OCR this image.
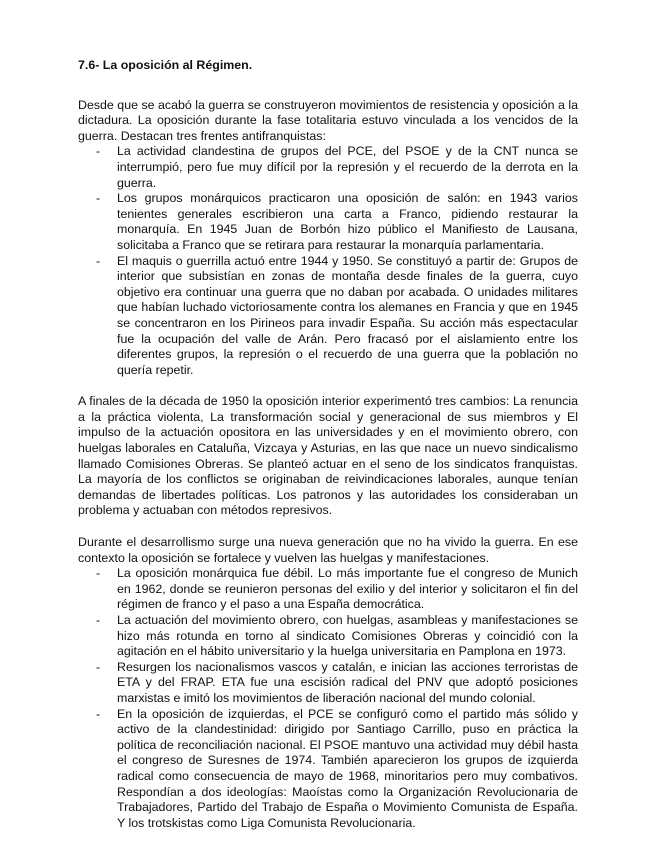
7.6- La oposición al Régimen.

Desde que se acabó la guerra se construyeron movimientos de resistencia y oposición a la dictadura. La oposición durante la fase totalitaria estuvo vinculada a los vencidos de la guerra. Destacan tres frentes antifranquistas:

- La actividad clandestina de grupos del PCE, del PSOE y de la CNT nunca se interrumpió, pero fue muy difícil por la represión y el recuerdo de la derrota en la guerra.
- Los grupos monárquicos practicaron una oposición de salón: en 1943 varios tenientes generales escribieron una carta a Franco, pidiendo restaurar la monarquía. En 1945 Juan de Borbón hizo público el Manifiesto de Lausana, solicitaba a Franco que se retirara para restaurar la monarquía parlamentaria.
- El maquis o guerrilla actuó entre 1944 y 1950. Se constituyó a partir de: Grupos de interior que subsistían en zonas de montaña desde finales de la guerra, cuyo objetivo era continuar una guerra que no daban por acabada. O unidades militares que habían luchado victoriosamente contra los alemanes en Francia y que en 1945 se concentraron en los Pirineos para invadir España. Su acción más espectacular fue la ocupación del valle de Arán. Pero fracasó por el aislamiento entre los diferentes grupos, la represión o el recuerdo de una guerra que la población no quería repetir.

A finales de la década de 1950 la oposición interior experimentó tres cambios: La renuncia a la práctica violenta, La transformación social y generacional de sus miembros y El impulso de la actuación opositora en las universidades y en el movimiento obrero, con huelgas laborales en Cataluña, Vizcaya y Asturias, en las que nace un nuevo sindicalismo llamado Comisiones Obreras. Se planteó actuar en el seno de los sindicatos franquistas. La mayoría de los conflictos se originaban de reivindicaciones laborales, aunque tenían demandas de libertades políticas. Los patronos y las autoridades los consideraban un problema y actuaban con métodos represivos.

Durante el desarrollismo surge una nueva generación que no ha vivido la guerra. En ese contexto la oposición se fortalece y vuelven las huelgas y manifestaciones.

- La oposición monárquica fue débil. Lo más importante fue el congreso de Munich en 1962, donde se reunieron personas del exilio y del interior y solicitaron el fin del régimen de franco y el paso a una España democrática.
- La actuación del movimiento obrero, con huelgas, asambleas y manifestaciones se hizo más rotunda en torno al sindicato Comisiones Obreras y coincidió con la agitación en el hábito universitario y la huelga universitaria en Pamplona en 1973.
- Resurgen los nacionalismos vascos y catalán, e inician las acciones terroristas de ETA y del FRAP. ETA fue una escisión radical del PNV que adoptó posiciones marxistas e imitó los movimientos de liberación nacional del mundo colonial.
- En la oposición de izquierdas, el PCE se configuró como el partido más sólido y activo de la clandestinidad: dirigido por Santiago Carrillo, puso en práctica la política de reconciliación nacional. El PSOE mantuvo una actividad muy débil hasta el congreso de Suresnes de 1974. También aparecieron los grupos de izquierda radical como consecuencia de mayo de 1968, minoritarios pero muy combativos. Respondían a dos ideologías: Maoístas como la Organización Revolucionaria de Trabajadores, Partido del Trabajo de España o Movimiento Comunista de España. Y los trotskistas como Liga Comunista Revolucionaria.
